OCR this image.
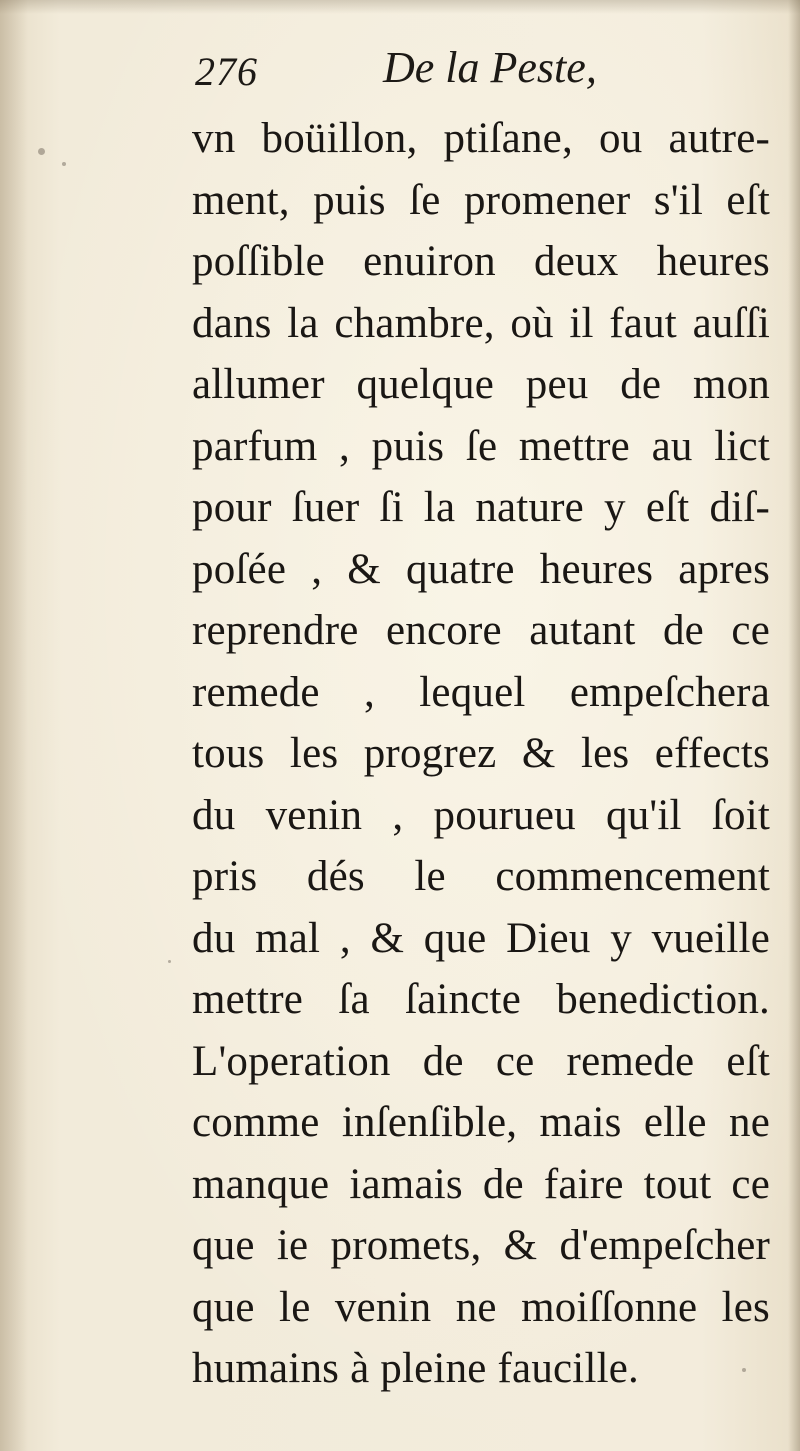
276	De la Peste,
vn boüillon, ptiſane, ou autre-
ment, puis ſe promener s'il eſt
poſſible enuiron deux heures
dans la chambre, où il faut auſſi
allumer quelque peu de mon
parfum , puis ſe mettre au lict
pour ſuer ſi la nature y eſt diſ-
poſée , & quatre heures apres
reprendre encore autant de ce
remede , lequel empeſchera
tous les progrez & les effects
du venin , pourueu qu'il ſoit
pris dés le commencement
du mal , & que Dieu y vueille
mettre ſa ſaincte benediction.
L'operation de ce remede eſt
comme inſenſible, mais elle ne
manque iamais de faire tout ce
que ie promets, & d'empeſcher
que le venin ne moiſſonne les
humains à pleine faucille.
